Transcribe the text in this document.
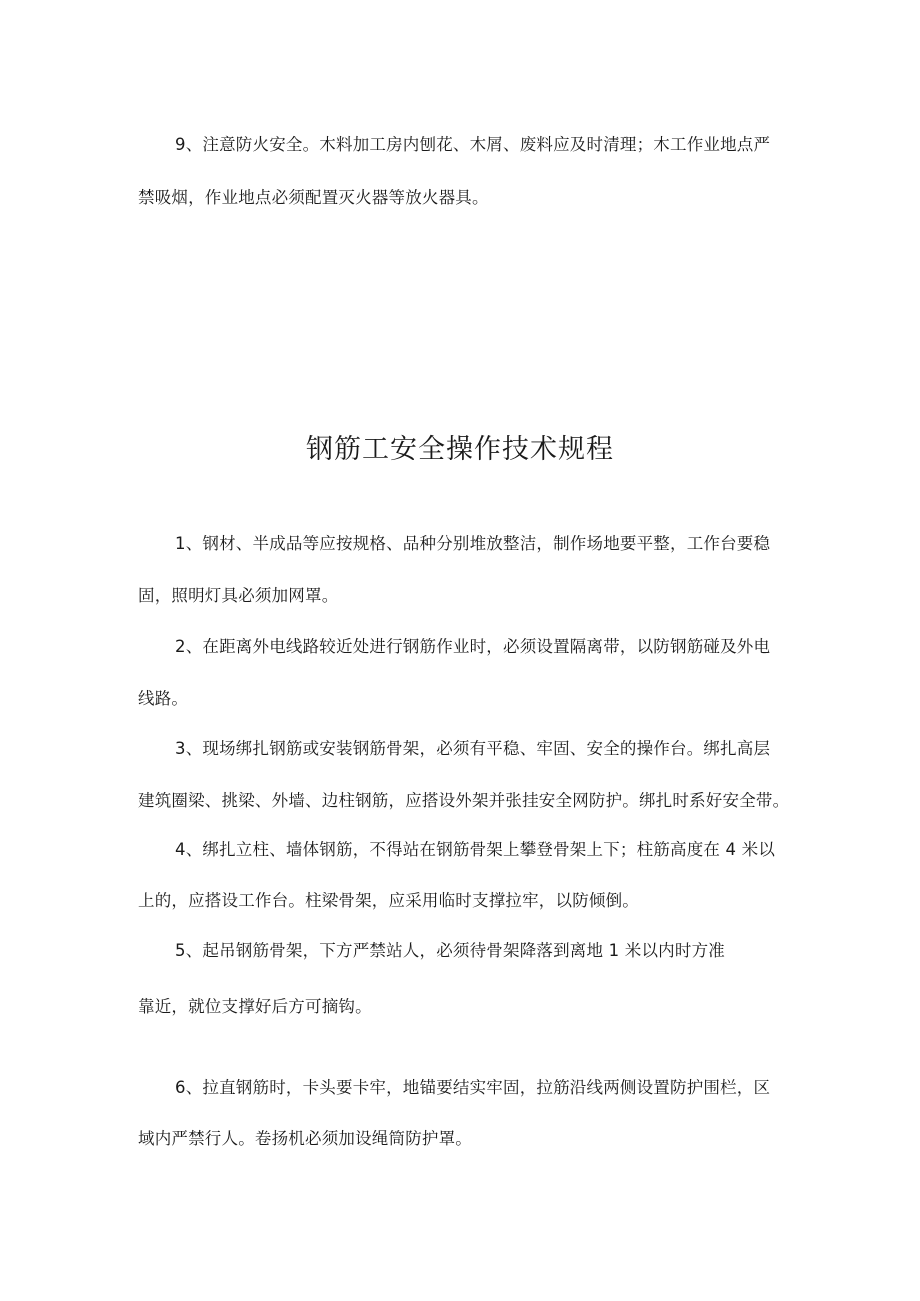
9、注意防火安全。木料加工房内刨花、木屑、废料应及时清理；木工作业地点严
禁吸烟，作业地点必须配置灭火器等放火器具。
钢筋工安全操作技术规程
1、钢材、半成品等应按规格、品种分别堆放整洁，制作场地要平整，工作台要稳
固，照明灯具必须加网罩。
2、在距离外电线路较近处进行钢筋作业时，必须设置隔离带，以防钢筋碰及外电
线路。
3、现场绑扎钢筋或安装钢筋骨架，必须有平稳、牢固、安全的操作台。绑扎高层
建筑圈梁、挑梁、外墙、边柱钢筋，应搭设外架并张挂安全网防护。绑扎时系好安全带。
4、绑扎立柱、墙体钢筋，不得站在钢筋骨架上攀登骨架上下；柱筋高度在 4 米以
上的，应搭设工作台。柱梁骨架，应采用临时支撑拉牢，以防倾倒。
5、起吊钢筋骨架，下方严禁站人，必须待骨架降落到离地 1 米以内时方准
靠近，就位支撑好后方可摘钩。
6、拉直钢筋时，卡头要卡牢，地锚要结实牢固，拉筋沿线两侧设置防护围栏，区
域内严禁行人。卷扬机必须加设绳筒防护罩。
